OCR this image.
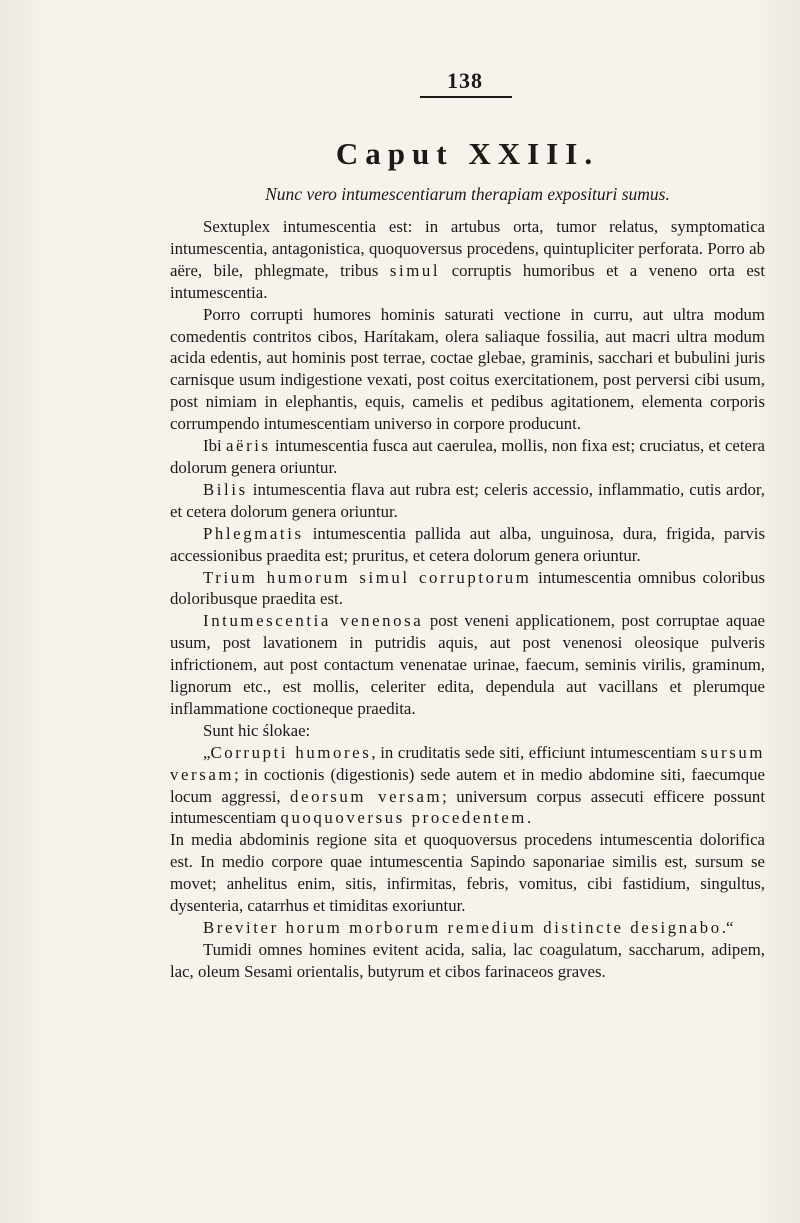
138
Caput XXIII.
Nunc vero intumescentiarum therapiam exposituri sumus.

Sextuplex intumescentia est: in artubus orta, tumor relatus, symptomatica intumescentia, antagonistica, quoquoversus procedens, quintupliciter perforata. Porro ab aëre, bile, phlegmate, tribus simul corruptis humoribus et a veneno orta est intumescentia.

Porro corrupti humores hominis saturati vectione in curru, aut ultra modum comedentis contritos cibos, Harítakam, olera saliaque fossilia, aut macri ultra modum acida edentis, aut hominis post terrae, coctae glebae, graminis, sacchari et bubulini juris carnisque usum indigestione vexati, post coitus exercitationem, post perversi cibi usum, post nimiam in elephantis, equis, camelis et pedibus agitationem, elementa corporis corrumpendo intumescentiam universo in corpore producunt.

Ibi aëris intumescentia fusca aut caerulea, mollis, non fixa est; cruciatus, et cetera dolorum genera oriuntur.

Bilis intumescentia flava aut rubra est; celeris accessio, inflammatio, cutis ardor, et cetera dolorum genera oriuntur.

Phlegmatis intumescentia pallida aut alba, unguinosa, dura, frigida, parvis accessionibus praedita est; pruritus, et cetera dolorum genera oriuntur.

Trium humorum simul corruptorum intumescentia omnibus coloribus doloribusque praedita est.

Intumescentia venenosa post veneni applicationem, post corruptae aquae usum, post lavationem in putridis aquis, aut post venenosi oleosique pulveris infrictionem, aut post contactum venenatae urinae, faecum, seminis virilis, graminum, lignorum etc., est mollis, celeriter edita, dependula aut vacillans et plerumque inflammatione coctioneque praedita.

Sunt hic ślokae:

„Corrupti humores, in cruditatis sede siti, efficiunt intumescentiam sursum versam; in coctionis (digestionis) sede autem et in medio abdomine siti, faecumque locum aggressi, deorsum versam; universum corpus assecuti efficere possunt intumescentiam quoquoversus procedentem.

In media abdominis regione sita et quoquoversus procedens intumescentia dolorifica est. In medio corpore quae intumescentia Sapindo saponariae similis est, sursum se movet; anhelitus enim, sitis, infirmitas, febris, vomitus, cibi fastidium, singultus, dysenteria, catarrhus et timiditas exoriuntur.

Breviter horum morborum remedium distincte designabo.“

Tumidi omnes homines evitent acida, salia, lac coagulatum, saccharum, adipem, lac, oleum Sesami orientalis, butyrum et cibos farinaceos graves.
